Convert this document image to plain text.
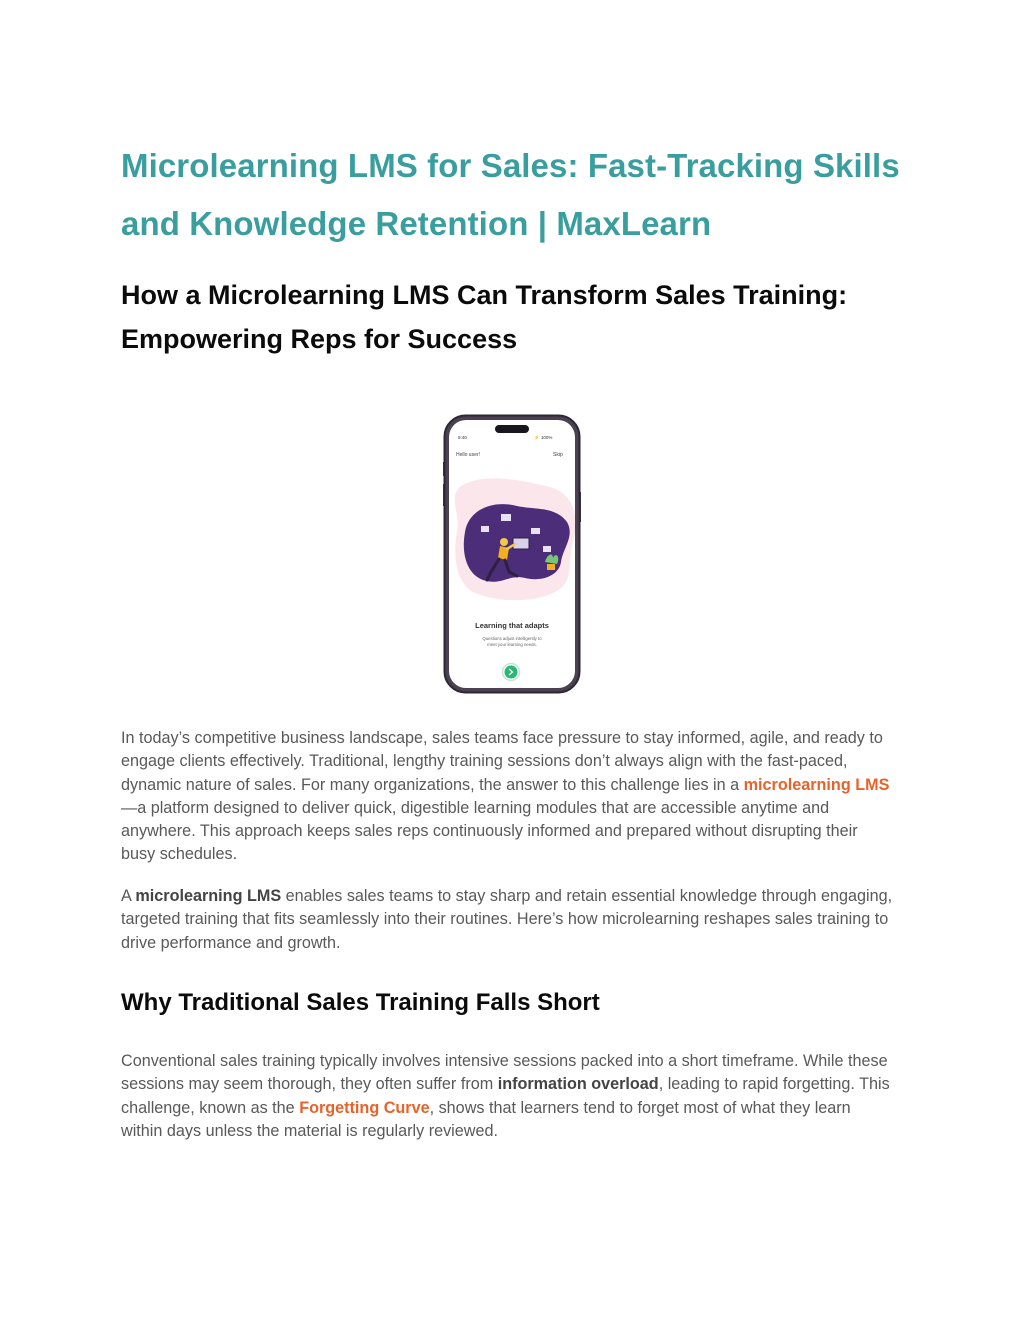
Microlearning LMS for Sales: Fast-Tracking Skills and Knowledge Retention | MaxLearn
How a Microlearning LMS Can Transform Sales Training: Empowering Reps for Success
9:40	⚡ 100%
Hello user!	Skip
Learning that adapts
Questions adjust intelligently to
meet your learning needs.

In today’s competitive business landscape, sales teams face pressure to stay informed, agile, and ready to engage clients effectively. Traditional, lengthy training sessions don’t always align with the fast-paced, dynamic nature of sales. For many organizations, the answer to this challenge lies in a microlearning LMS—a platform designed to deliver quick, digestible learning modules that are accessible anytime and anywhere. This approach keeps sales reps continuously informed and prepared without disrupting their busy schedules.

A microlearning LMS enables sales teams to stay sharp and retain essential knowledge through engaging, targeted training that fits seamlessly into their routines. Here’s how microlearning reshapes sales training to drive performance and growth.

Why Traditional Sales Training Falls Short

Conventional sales training typically involves intensive sessions packed into a short timeframe. While these sessions may seem thorough, they often suffer from information overload, leading to rapid forgetting. This challenge, known as the Forgetting Curve, shows that learners tend to forget most of what they learn within days unless the material is regularly reviewed.
